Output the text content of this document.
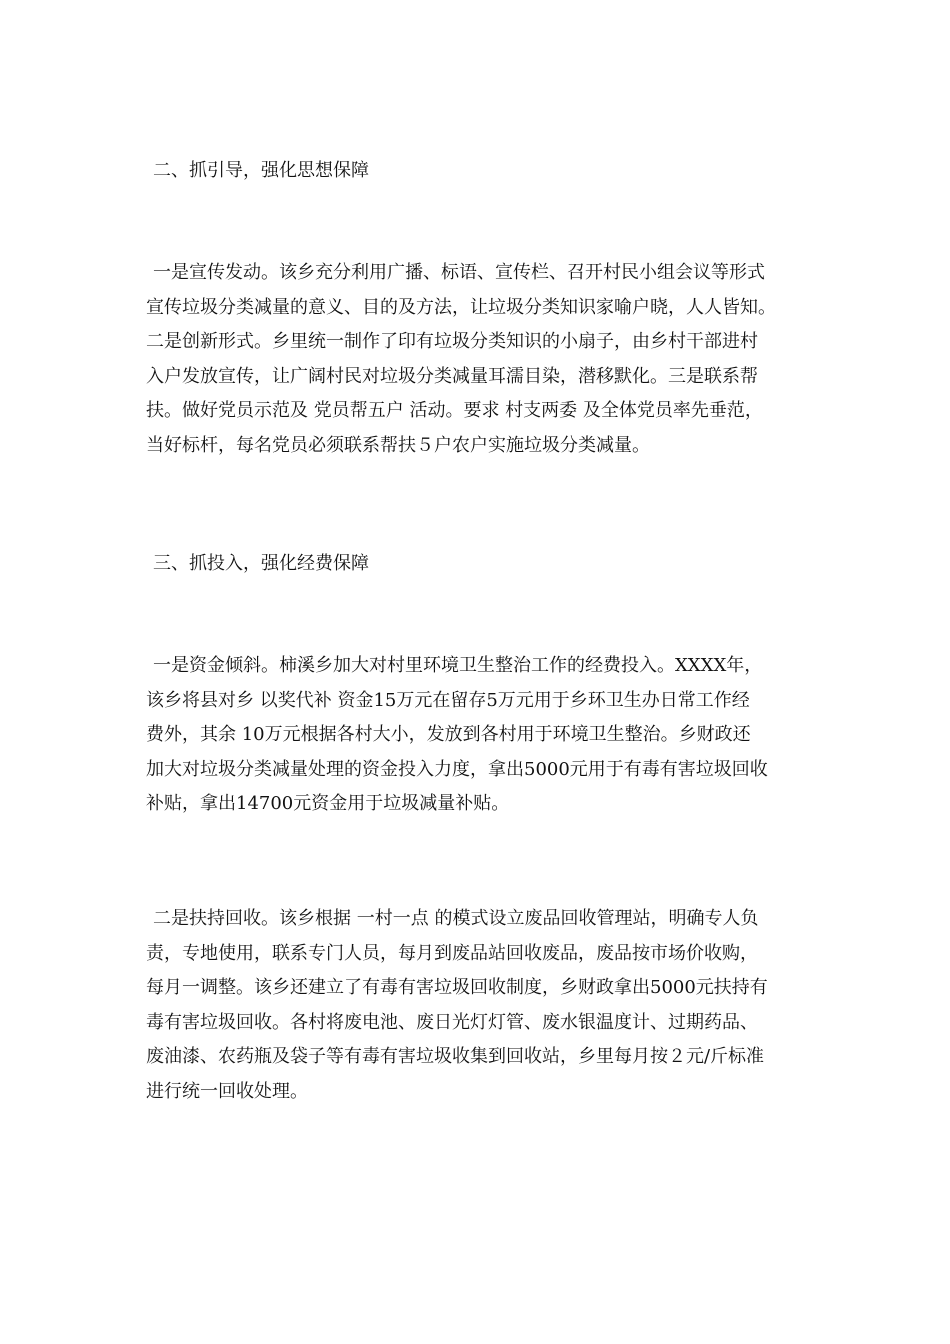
二、抓引导，强化思想保障
一是宣传发动。该乡充分利用广播、标语、宣传栏、召开村民小组会议等形式
宣传垃圾分类减量的意义、目的及方法，让垃圾分类知识家喻户晓，人人皆知。
二是创新形式。乡里统一制作了印有垃圾分类知识的小扇子，由乡村干部进村
入户发放宣传，让广阔村民对垃圾分类减量耳濡目染，潜移默化。三是联系帮
扶。做好党员示范及 党员帮五户 活动。要求 村支两委 及全体党员率先垂范，
当好标杆，每名党员必须联系帮扶５户农户实施垃圾分类减量。
三、抓投入，强化经费保障
一是资金倾斜。柿溪乡加大对村里环境卫生整治工作的经费投入。XXXX年，
该乡将县对乡 以奖代补 资金15万元在留存5万元用于乡环卫生办日常工作经
费外，其余 10万元根据各村大小，发放到各村用于环境卫生整治。乡财政还
加大对垃圾分类减量处理的资金投入力度，拿出5000元用于有毒有害垃圾回收
补贴，拿出14700元资金用于垃圾减量补贴。
二是扶持回收。该乡根据 一村一点 的模式设立废品回收管理站，明确专人负
责，专地使用，联系专门人员，每月到废品站回收废品，废品按市场价收购，
每月一调整。该乡还建立了有毒有害垃圾回收制度，乡财政拿出5000元扶持有
毒有害垃圾回收。各村将废电池、废日光灯灯管、废水银温度计、过期药品、
废油漆、农药瓶及袋子等有毒有害垃圾收集到回收站，乡里每月按２元/斤标准
进行统一回收处理。
